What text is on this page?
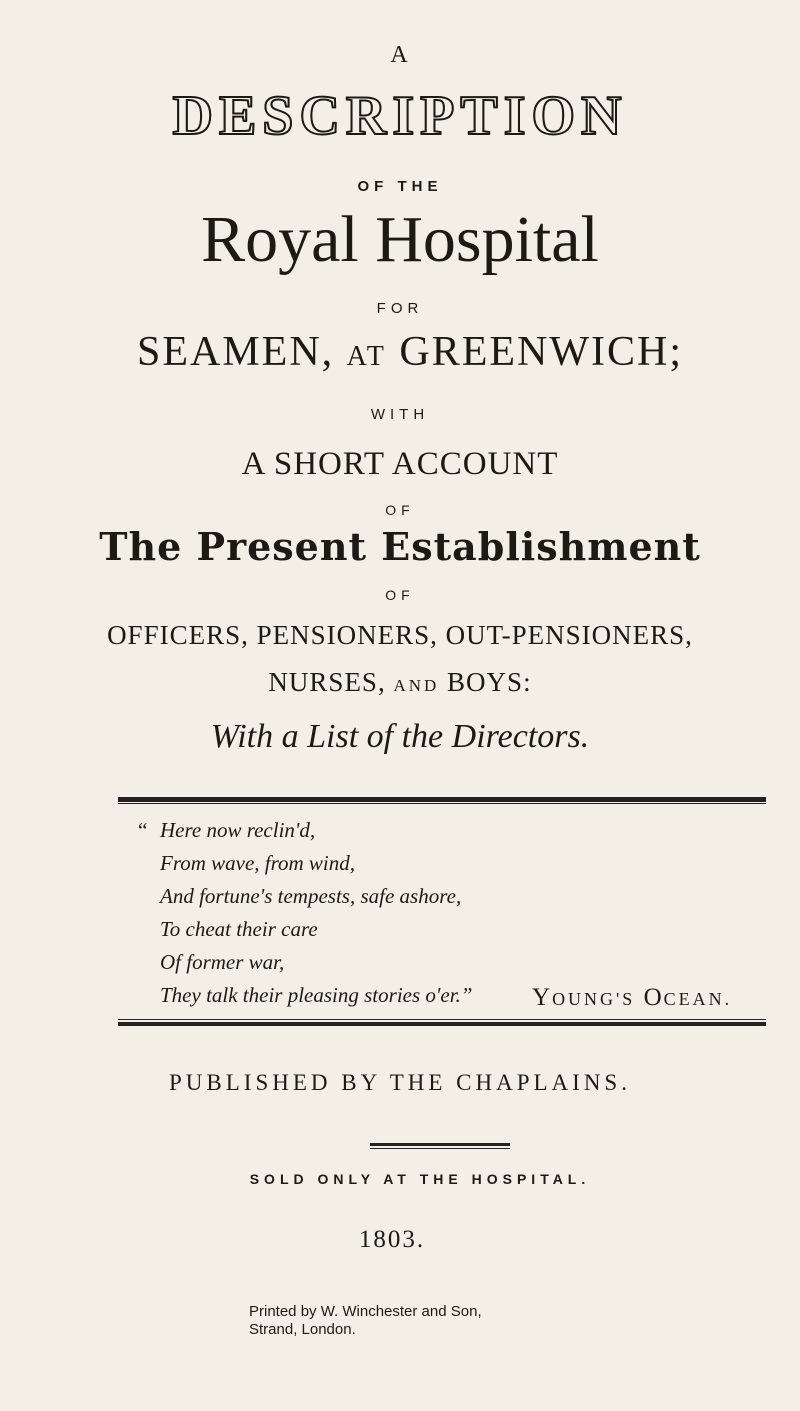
A
DESCRIPTION
OF THE
Royal Hospital
FOR
SEAMEN, AT GREENWICH;
WITH
A SHORT ACCOUNT
OF
The Present Establishment
OF
OFFICERS, PENSIONERS, OUT-PENSIONERS,
NURSES, AND BOYS:
With a List of the Directors.
“ Here now reclin'd,
From wave, from wind,
And fortune's tempests, safe ashore,
To cheat their care
Of former war,
They talk their pleasing stories o'er.” YOUNG'S OCEAN.
PUBLISHED BY THE CHAPLAINS.
SOLD ONLY AT THE HOSPITAL.
1803.
Printed by W. Winchester and Son,
Strand, London.
